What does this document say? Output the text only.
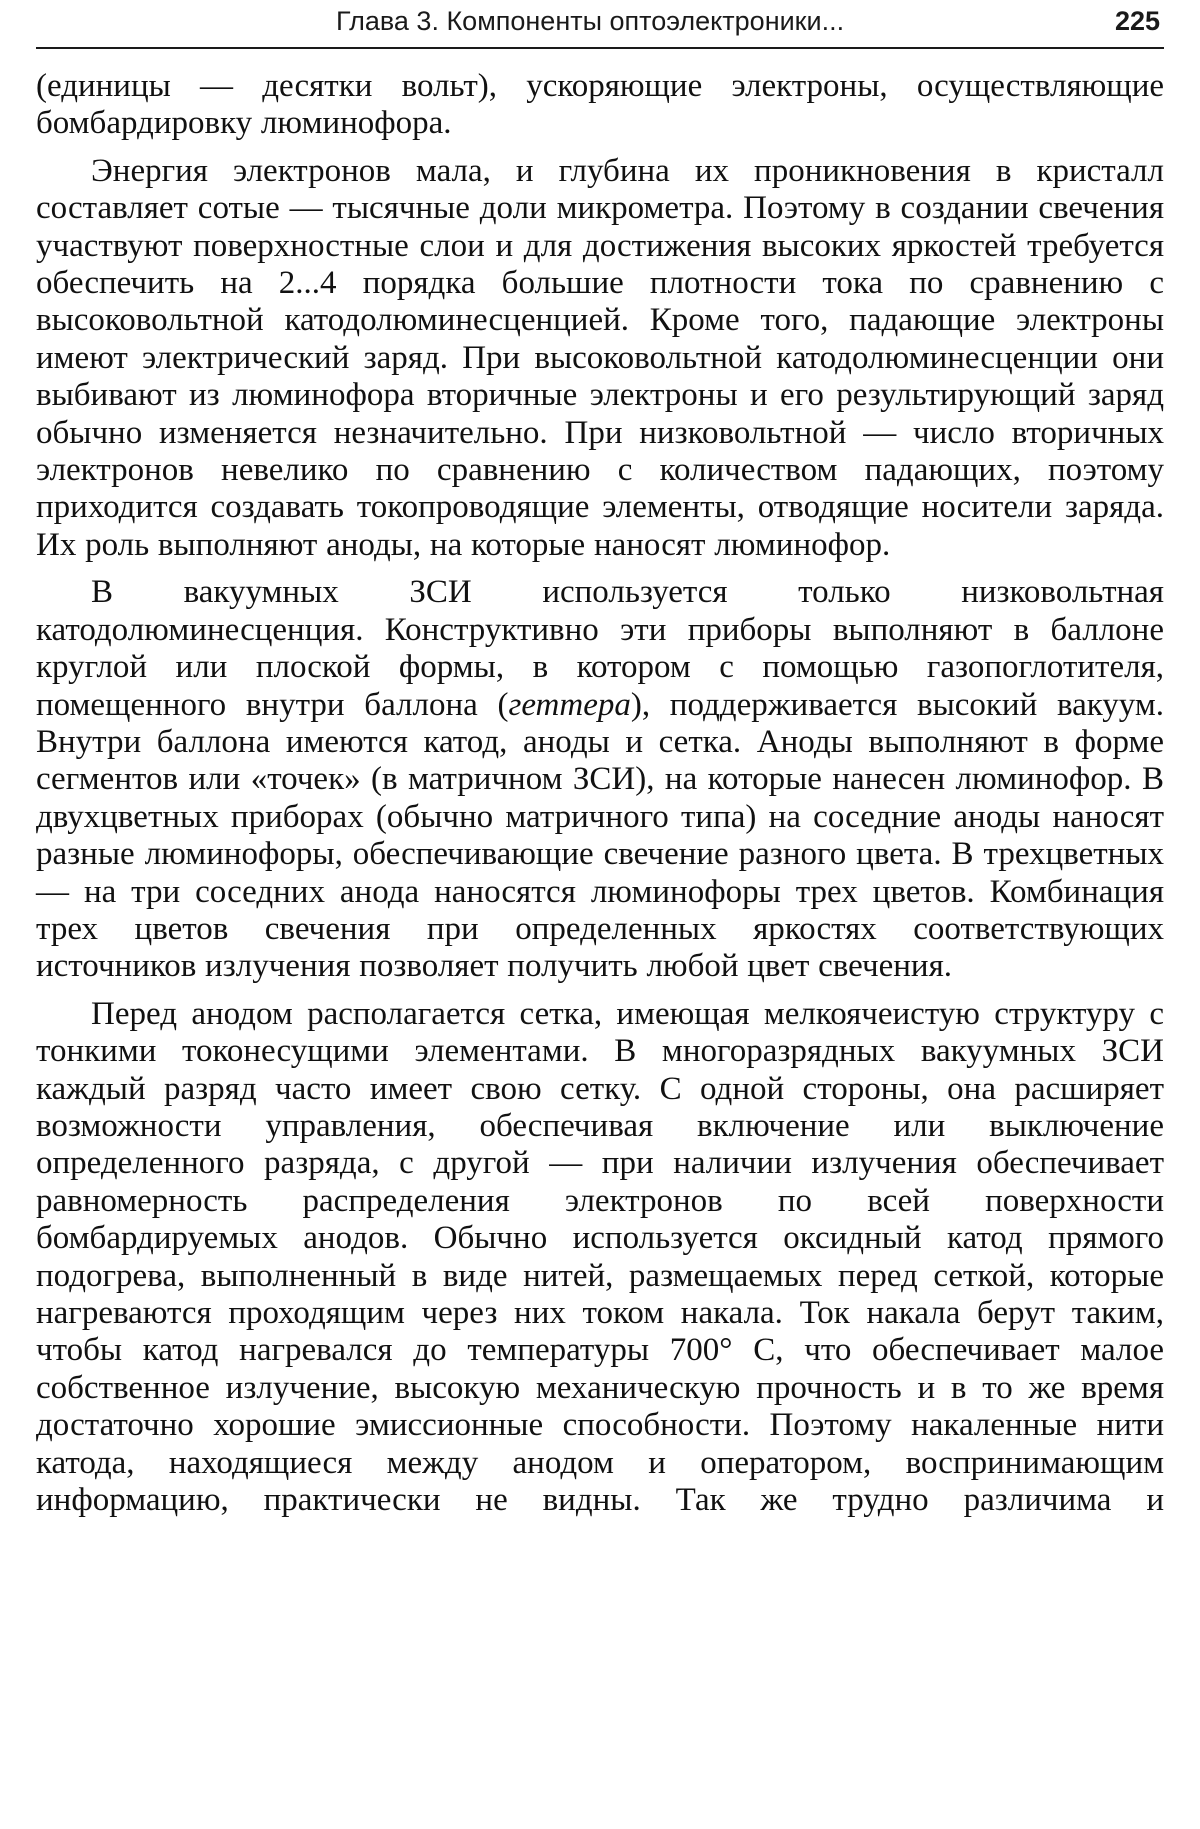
Глава 3. Компоненты оптоэлектроники...	225

(единицы — десятки вольт), ускоряющие электроны, осуществляющие бомбардировку люминофора.

Энергия электронов мала, и глубина их проникновения в кристалл составляет сотые — тысячные доли микрометра. Поэтому в создании свечения участвуют поверхностные слои и для достижения высоких яркостей требуется обеспечить на 2...4 порядка большие плотности тока по сравнению с высоковольтной катодолюминесценцией. Кроме того, падающие электроны имеют электрический заряд. При высоковольтной катодолюминесценции они выбивают из люминофора вторичные электроны и его результирующий заряд обычно изменяется незначительно. При низковольтной — число вторичных электронов невелико по сравнению с количеством падающих, поэтому приходится создавать токопроводящие элементы, отводящие носители заряда. Их роль выполняют аноды, на которые наносят люминофор.

В вакуумных ЗСИ используется только низковольтная катодолюминесценция. Конструктивно эти приборы выполняют в баллоне круглой или плоской формы, в котором с помощью газопоглотителя, помещенного внутри баллона (геттера), поддерживается высокий вакуум. Внутри баллона имеются катод, аноды и сетка. Аноды выполняют в форме сегментов или «точек» (в матричном ЗСИ), на которые нанесен люминофор. В двухцветных приборах (обычно матричного типа) на соседние аноды наносят разные люминофоры, обеспечивающие свечение разного цвета. В трехцветных — на три соседних анода наносятся люминофоры трех цветов. Комбинация трех цветов свечения при определенных яркостях соответствующих источников излучения позволяет получить любой цвет свечения.

Перед анодом располагается сетка, имеющая мелкоячеистую структуру с тонкими токонесущими элементами. В многоразрядных вакуумных ЗСИ каждый разряд часто имеет свою сетку. С одной стороны, она расширяет возможности управления, обеспечивая включение или выключение определенного разряда, с другой — при наличии излучения обеспечивает равномерность распределения электронов по всей поверхности бомбардируемых анодов. Обычно используется оксидный катод прямого подогрева, выполненный в виде нитей, размещаемых перед сеткой, которые нагреваются проходящим через них током накала. Ток накала берут таким, чтобы катод нагревался до температуры 700° С, что обеспечивает малое собственное излучение, высокую механическую прочность и в то же время достаточно хорошие эмиссионные способности. Поэтому накаленные нити катода, находящиеся между анодом и оператором, воспринимающим информацию, практически не видны. Так же трудно различима и
